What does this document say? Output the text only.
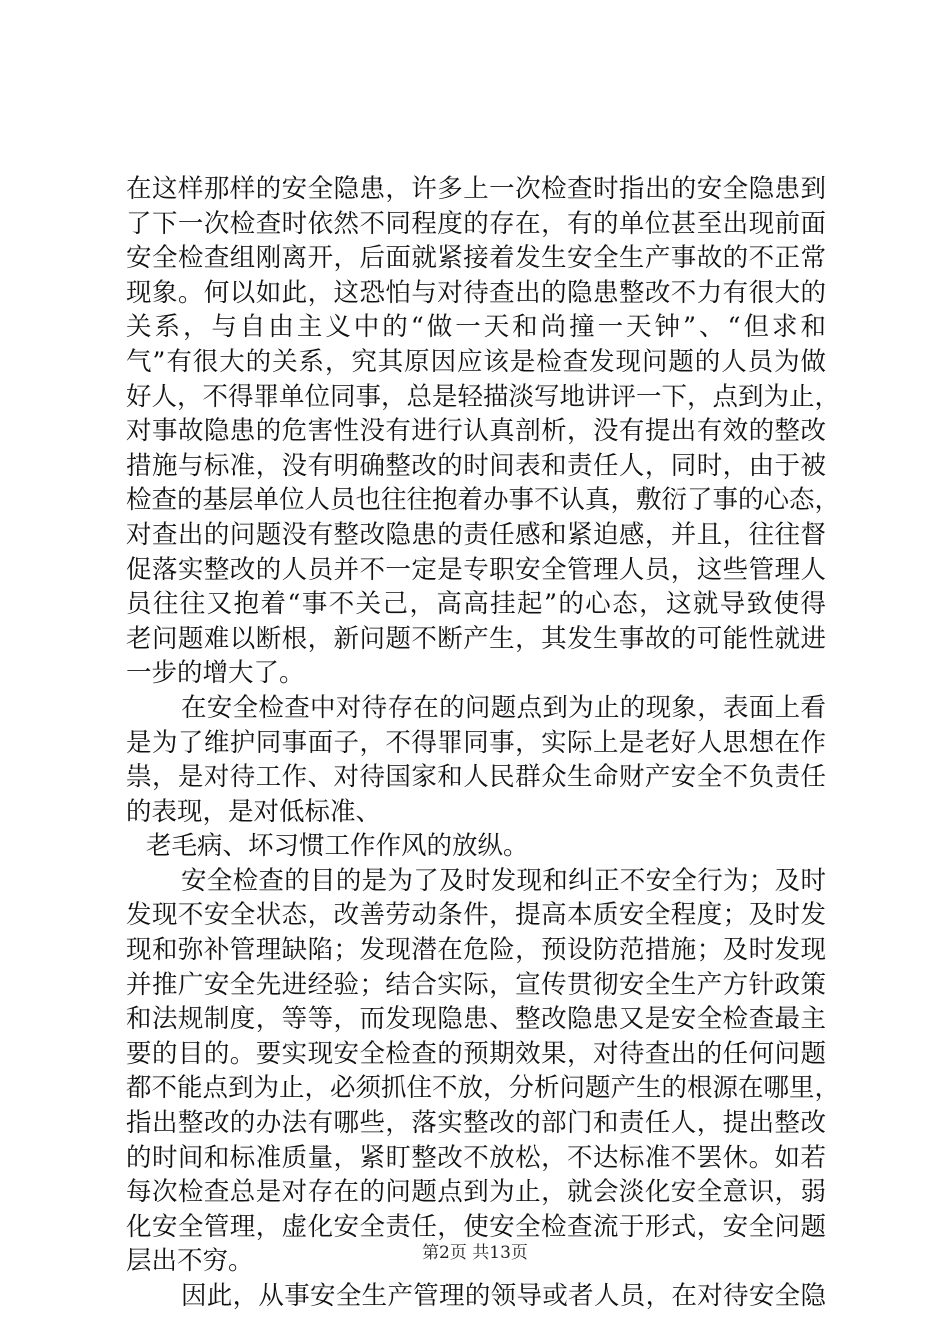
在这样那样的安全隐患，许多上一次检查时指出的安全隐患到
了下一次检查时依然不同程度的存在，有的单位甚至出现前面
安全检查组刚离开，后面就紧接着发生安全生产事故的不正常
现象。何以如此，这恐怕与对待查出的隐患整改不力有很大的
关系，与自由主义中的“做一天和尚撞一天钟”、“但求和
气”有很大的关系，究其原因应该是检查发现问题的人员为做
好人，不得罪单位同事，总是轻描淡写地讲评一下，点到为止，
对事故隐患的危害性没有进行认真剖析，没有提出有效的整改
措施与标准，没有明确整改的时间表和责任人，同时，由于被
检查的基层单位人员也往往抱着办事不认真，敷衍了事的心态，
对查出的问题没有整改隐患的责任感和紧迫感，并且，往往督
促落实整改的人员并不一定是专职安全管理人员，这些管理人
员往往又抱着“事不关己，高高挂起”的心态，这就导致使得
老问题难以断根，新问题不断产生，其发生事故的可能性就进
一步的增大了。
在安全检查中对待存在的问题点到为止的现象，表面上看
是为了维护同事面子，不得罪同事，实际上是老好人思想在作
祟，是对待工作、对待国家和人民群众生命财产安全不负责任
的表现，是对低标准、
老毛病、坏习惯工作作风的放纵。
安全检查的目的是为了及时发现和纠正不安全行为；及时
发现不安全状态，改善劳动条件，提高本质安全程度；及时发
现和弥补管理缺陷；发现潜在危险，预设防范措施；及时发现
并推广安全先进经验；结合实际，宣传贯彻安全生产方针政策
和法规制度，等等，而发现隐患、整改隐患又是安全检查最主
要的目的。要实现安全检查的预期效果，对待查出的任何问题
都不能点到为止，必须抓住不放，分析问题产生的根源在哪里，
指出整改的办法有哪些，落实整改的部门和责任人，提出整改
的时间和标准质量，紧盯整改不放松，不达标准不罢休。如若
每次检查总是对存在的问题点到为止，就会淡化安全意识，弱
化安全管理，虚化安全责任，使安全检查流于形式，安全问题
层出不穷。
因此，从事安全生产管理的领导或者人员，在对待安全隐
第2页 共13页
